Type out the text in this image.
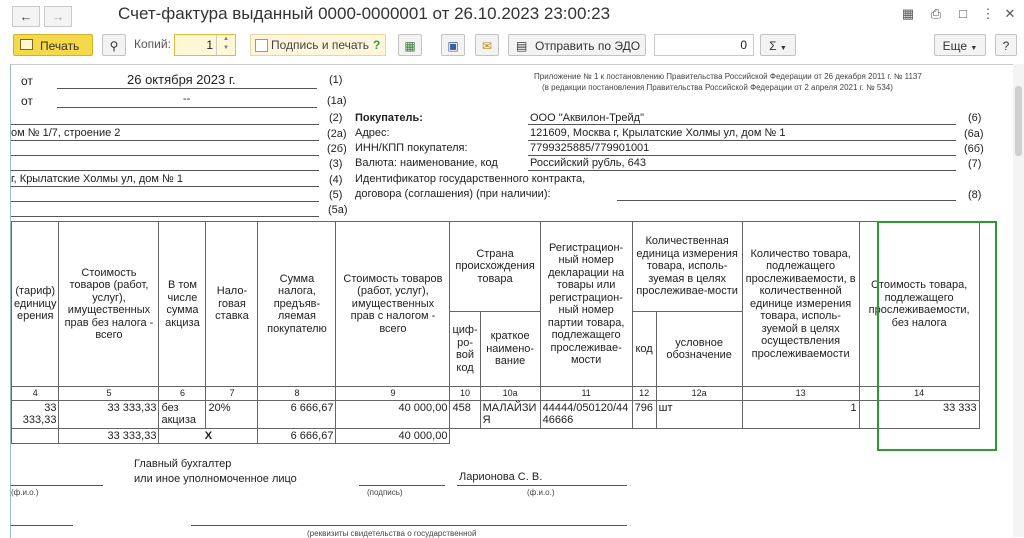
←	→	Счет-фактура выданный 0000-0000001 от 26.10.2023 23:00:23	▦ ⎙	□	⋮ ✕
Печать	⚲	Копий:	1	▲
▼	Подпись и печать ?	▦	▣	✉	▤ Отправить по ЭДО	0	Σ ▼	Еще ▼	?
от	26 октября 2023 г.	(1)
от	--	(1а)
Приложение № 1 к постановлению Правительства Российской Федерации от 26 декабря 2011 г. № 1137
(в редакции постановления Правительства Российской Федерации от 2 апреля 2021 г. № 534)
(2)
ом № 1/7, строение 2	(2а)
(2б)
(3)
г, Крылатские Холмы ул, дом № 1	(4)
(5)
(5а)
Покупатель:	ООО "Аквилон-Трейд"	(6)
Адрес:	121609, Москва г, Крылатские Холмы ул, дом № 1	(6а)
ИНН/КПП покупателя:	7799325885/779901001	(6б)
Валюта: наименование, код	Российский рубль, 643	(7)
Идентификатор государственного контракта,
договора (соглашения) (при наличии):	(8)
(тариф) единицу ерения	Стоимость товаров (работ, услуг), имущественных прав без налога - всего	В том числе сумма акциза	Нало-говая ставка	Сумма налога, предъяв-ляемая покупателю	Стоимость товаров (работ, услуг), имущественных прав с налогом - всего	Страна происхождения товара		Регистрацион-ный номер декларации на товары или регистрацион-ный номер партии товара, подлежащего прослеживае-мости	Количественная единица измерения товара, исполь-зуемая в целях прослеживае-мости		Количество товара, подлежащего прослеживаемости, в количественной единице измерения товара, исполь-зуемой в целях осуществления прослеживаемости	Стоимость товара, подлежащего прослеживаемости, без налога
						циф-ро-вой код	краткое наимено-вание		код	условное обозначение		
4	5	6	7	8	9	10	10а	11	12	12а	13	14
33 333,33	33 333,33	без акциза	20%	6 666,67	40 000,00	458	МАЛАЙЗИЯ	44444/050120/4446666	796	шт	1	33 333
	33 333,33	X		6 666,67	40 000,00							
(ф.и.о.)
Главный бухгалтер
или иное уполномоченное лицо
(подпись)
Ларионова С. В.
(ф.и.о.)
(реквизиты свидетельства о государственной
